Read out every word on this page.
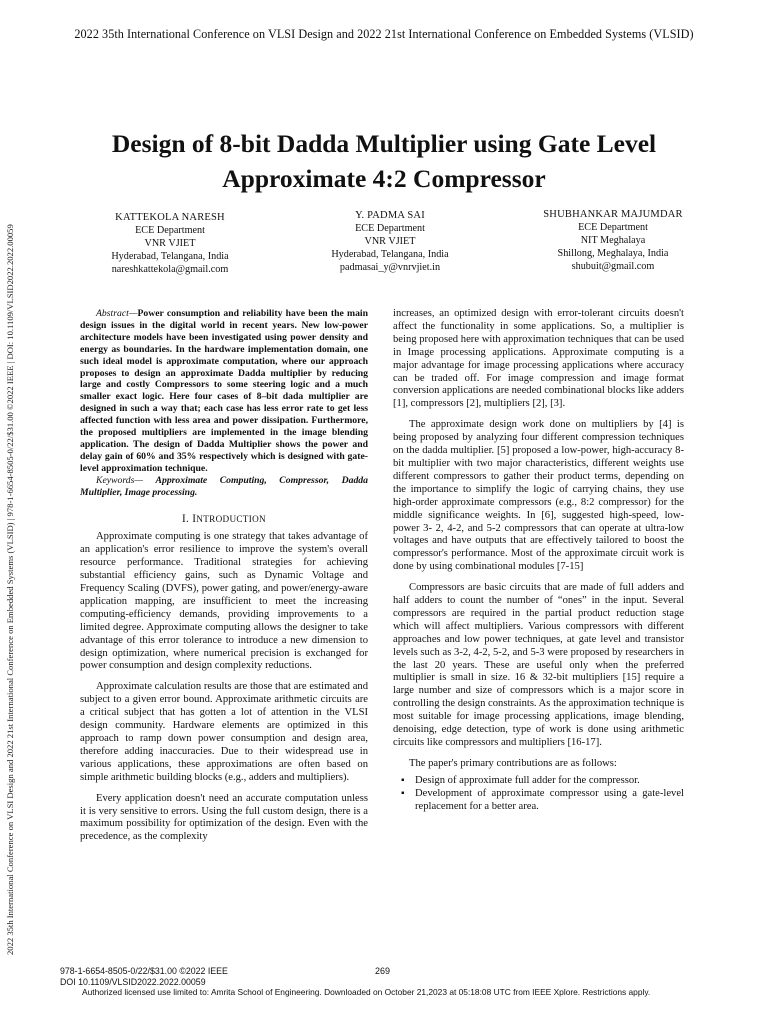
2022 35th International Conference on VLSI Design and 2022 21st International Conference on Embedded Systems (VLSID)
2022 35th International Conference on VLSI Design and 2022 21st International Conference on Embedded Systems (VLSID) | 978-1-6654-8505-0/22/$31.00 ©2022 IEEE | DOI: 10.1109/VLSID2022.2022.00059
Design of 8-bit Dadda Multiplier using Gate Level
Approximate 4:2 Compressor
KATTEKOLA NARESH
ECE Department
VNR VJIET
Hyderabad, Telangana, India
nareshkattekola@gmail.com
Y. PADMA SAI
ECE Department
VNR VJIET
Hyderabad, Telangana, India
padmasai_y@vnrvjiet.in
SHUBHANKAR MAJUMDAR
ECE Department
NIT Meghalaya
Shillong, Meghalaya, India
shubuit@gmail.com

Abstract—Power consumption and reliability have been the main design issues in the digital world in recent years. New low-power architecture models have been investigated using power density and energy as boundaries. In the hardware implementation domain, one such ideal model is approximate computation, where our approach proposes to design an approximate Dadda multiplier by reducing large and costly Compressors to some steering logic and a much smaller exact logic. Here four cases of 8–bit dada multiplier are designed in such a way that; each case has less error rate to get less affected function with less area and power dissipation. Furthermore, the proposed multipliers are implemented in the image blending application. The design of Dadda Multiplier shows the power and delay gain of 60% and 35% respectively which is designed with gate-level approximation technique.

Keywords— Approximate Computing, Compressor, Dadda Multiplier, Image processing.

I. INTRODUCTION

Approximate computing is one strategy that takes advantage of an application's error resilience to improve the system's overall resource performance. Traditional strategies for achieving substantial efficiency gains, such as Dynamic Voltage and Frequency Scaling (DVFS), power gating, and power/energy-aware application mapping, are insufficient to meet the increasing computing-efficiency demands, providing improvements to a limited degree. Approximate computing allows the designer to take advantage of this error tolerance to introduce a new dimension to design optimization, where numerical precision is exchanged for power consumption and design complexity reductions.

Approximate calculation results are those that are estimated and subject to a given error bound. Approximate arithmetic circuits are a critical subject that has gotten a lot of attention in the VLSI design community. Hardware elements are optimized in this approach to ramp down power consumption and design area, therefore adding inaccuracies. Due to their widespread use in various applications, these approximations are often based on simple arithmetic building blocks (e.g., adders and multipliers).

Every application doesn't need an accurate computation unless it is very sensitive to errors. Using the full custom design, there is a maximum possibility for optimization of the design. Even with the precedence, as the complexity

increases, an optimized design with error-tolerant circuits doesn't affect the functionality in some applications. So, a multiplier is being proposed here with approximation techniques that can be used in Image processing applications. Approximate computing is a major advantage for image processing applications where accuracy can be traded off. For image compression and image format conversion applications are needed combinational blocks like adders [1], compressors [2], multipliers [2], [3].

The approximate design work done on multipliers by [4] is being proposed by analyzing four different compression techniques on the dadda multiplier. [5] proposed a low-power, high-accuracy 8-bit multiplier with two major characteristics, different weights use different compressors to gather their product terms, depending on the importance to simplify the logic of carrying chains, they use high-order approximate compressors (e.g., 8:2 compressor) for the middle significance weights. In [6], suggested high-speed, low-power 3- 2, 4-2, and 5-2 compressors that can operate at ultra-low voltages and have outputs that are effectively tailored to boost the compressor's performance. Most of the approximate circuit work is done by using combinational modules [7-15]

Compressors are basic circuits that are made of full adders and half adders to count the number of “ones” in the input. Several compressors are required in the partial product reduction stage which will affect multipliers. Various compressors with different approaches and low power techniques, at gate level and transistor levels such as 3-2, 4-2, 5-2, and 5-3 were proposed by researchers in the last 20 years. These are useful only when the preferred multiplier is small in size. 16 & 32-bit multipliers [15] require a large number and size of compressors which is a major score in controlling the design constraints. As the approximation technique is most suitable for image processing applications, image blending, denoising, edge detection, type of work is done using arithmetic circuits like compressors and multipliers [16-17].

The paper's primary contributions are as follows:

▪ Design of approximate full adder for the compressor.
▪ Development of approximate compressor using a gate-level replacement for a better area.
978-1-6654-8505-0/22/$31.00 ©2022 IEEE
DOI 10.1109/VLSID2022.2022.00059
269
Authorized licensed use limited to: Amrita School of Engineering. Downloaded on October 21,2023 at 05:18:08 UTC from IEEE Xplore. Restrictions apply.
